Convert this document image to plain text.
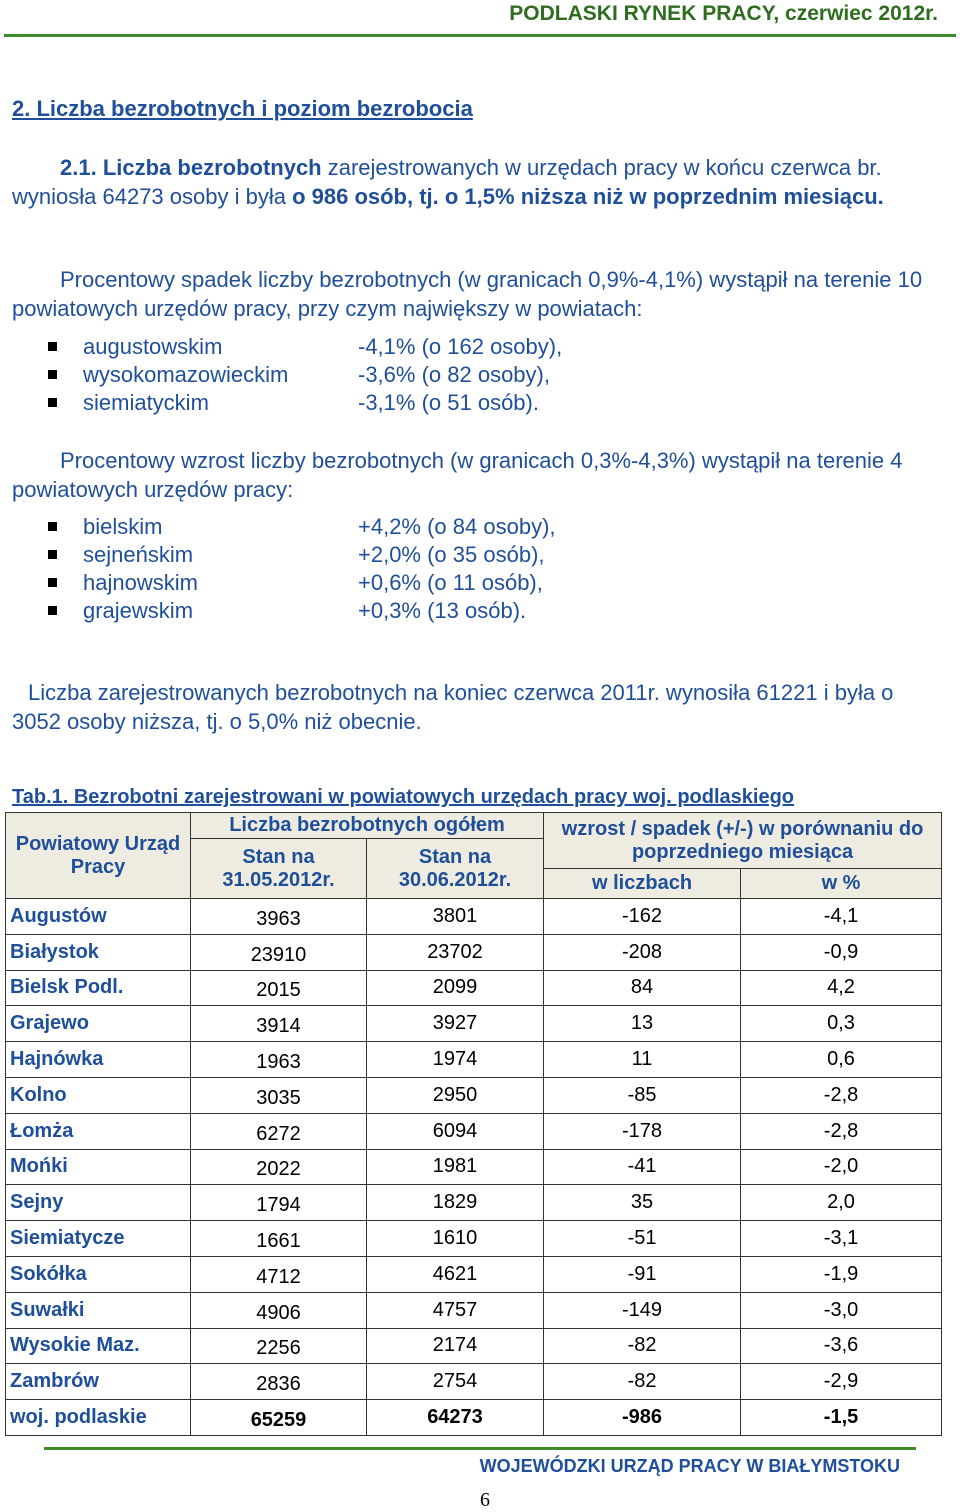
PODLASKI RYNEK PRACY, czerwiec 2012r.
2. Liczba bezrobotnych i poziom bezrobocia
2.1. Liczba bezrobotnych zarejestrowanych w urzędach pracy w końcu czerwca br. wyniosła 64273 osoby i była o 986 osób, tj. o 1,5% niższa niż w poprzednim miesiącu.
Procentowy spadek liczby bezrobotnych (w granicach 0,9%-4,1%) wystąpił na terenie 10 powiatowych urzędów pracy, przy czym największy w powiatach:
augustowskim	-4,1% (o 162 osoby),
wysokomazowieckim	-3,6% (o 82 osoby),
siemiatyckim	-3,1% (o 51 osób).
Procentowy wzrost liczby bezrobotnych (w granicach 0,3%-4,3%) wystąpił na terenie 4 powiatowych urzędów pracy:
bielskim	+4,2% (o 84 osoby),
sejneńskim	+2,0% (o 35 osób),
hajnowskim	+0,6% (o 11 osób),
grajewskim	+0,3% (13 osób).
Liczba zarejestrowanych bezrobotnych na koniec czerwca 2011r. wynosiła 61221 i była o 3052 osoby niższa, tj. o 5,0% niż obecnie.
Tab.1. Bezrobotni zarejestrowani w powiatowych urzędach pracy woj. podlaskiego
Powiatowy Urząd Pracy	Liczba bezrobotnych ogółem		wzrost / spadek (+/-) w porównaniu do poprzedniego miesiąca	
	Stan na 31.05.2012r.	Stan na 30.06.2012r.		
			w liczbach	w %
Augustów	3963	3801	-162	-4,1
Białystok	23910	23702	-208	-0,9
Bielsk Podl.	2015	2099	84	4,2
Grajewo	3914	3927	13	0,3
Hajnówka	1963	1974	11	0,6
Kolno	3035	2950	-85	-2,8
Łomża	6272	6094	-178	-2,8
Mońki	2022	1981	-41	-2,0
Sejny	1794	1829	35	2,0
Siemiatycze	1661	1610	-51	-3,1
Sokółka	4712	4621	-91	-1,9
Suwałki	4906	4757	-149	-3,0
Wysokie Maz.	2256	2174	-82	-3,6
Zambrów	2836	2754	-82	-2,9
woj. podlaskie	65259	64273	-986	-1,5
WOJEWÓDZKI URZĄD PRACY W BIAŁYMSTOKU
6
